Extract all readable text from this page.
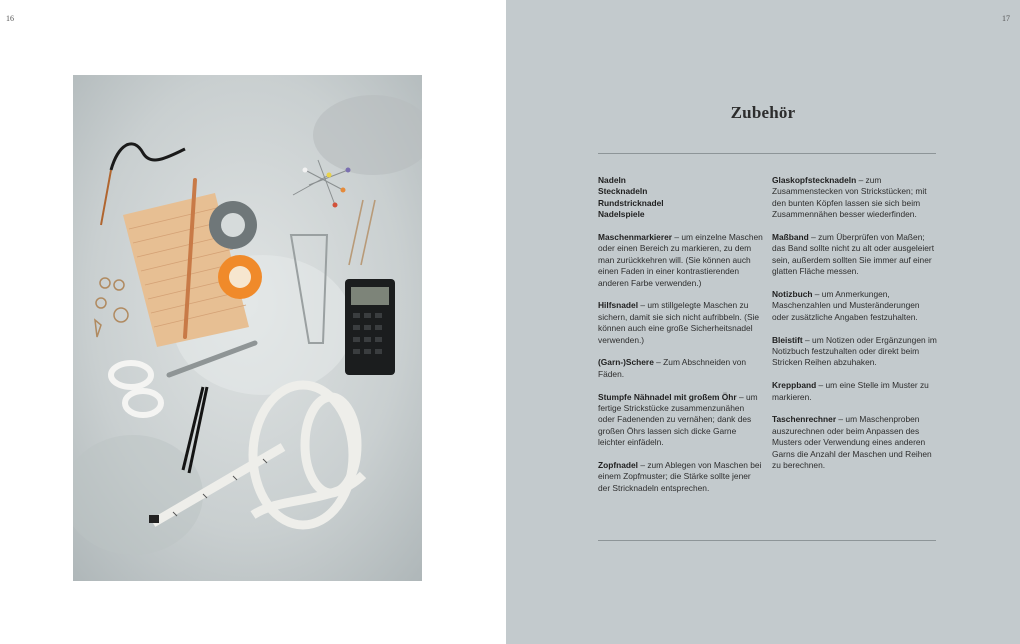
16	17
Zubehör
Nadeln
Stecknadeln
Rundstricknadel
Nadelspiele
Maschenmarkierer – um einzelne Maschen oder einen Bereich zu markieren, zu dem man zurückkehren will. (Sie können auch einen Faden in einer kontrastierenden anderen Farbe verwenden.)
Hilfsnadel – um stillgelegte Maschen zu sichern, damit sie sich nicht aufribbeln. (Sie können auch eine große Sicherheitsnadel verwenden.)
(Garn-)Schere – Zum Abschneiden von Fäden.
Stumpfe Nähnadel mit großem Öhr – um fertige Strickstücke zusammenzunähen oder Fadenenden zu vernähen; dank des großen Öhrs lassen sich dicke Garne leichter einfädeln.
Zopfnadel – zum Ablegen von Maschen bei einem Zopfmuster; die Stärke sollte jener der Stricknadeln entsprechen.
Glaskopfstecknadeln – zum Zusammenstecken von Strickstücken; mit den bunten Köpfen lassen sie sich beim Zusammennähen besser wiederfinden.
Maßband – zum Überprüfen von Maßen; das Band sollte nicht zu alt oder ausgeleiert sein, außerdem sollten Sie immer auf einer glatten Fläche messen.
Notizbuch – um Anmerkungen, Maschenzahlen und Musteränderungen oder zusätzliche Angaben festzuhalten.
Bleistift – um Notizen oder Ergänzungen im Notizbuch festzuhalten oder direkt beim Stricken Reihen abzuhaken.
Kreppband – um eine Stelle im Muster zu markieren.
Taschenrechner – um Maschenproben auszurechnen oder beim Anpassen des Musters oder Verwendung eines anderen Garns die Anzahl der Maschen und Reihen zu berechnen.
